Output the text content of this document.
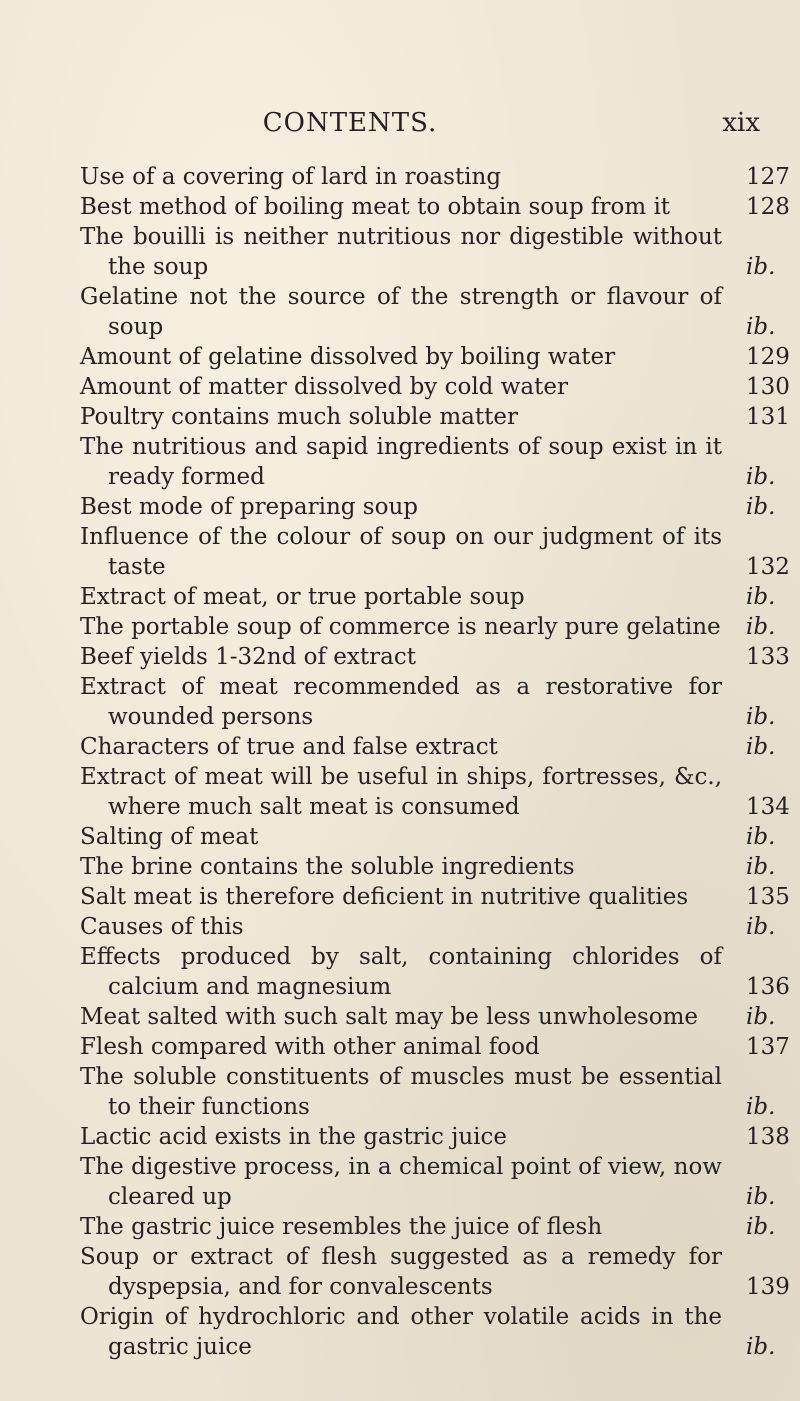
CONTENTS.	xix
Use of a covering of lard in roasting	127
Best method of boiling meat to obtain soup from it	128
The bouilli is neither nutritious nor digestible without the soup	ib.
Gelatine not the source of the strength or flavour of soup	ib.
Amount of gelatine dissolved by boiling water	129
Amount of matter dissolved by cold water	130
Poultry contains much soluble matter	131
The nutritious and sapid ingredients of soup exist in it ready formed	ib.
Best mode of preparing soup	ib.
Influence of the colour of soup on our judgment of its taste	132
Extract of meat, or true portable soup	ib.
The portable soup of commerce is nearly pure gelatine	ib.
Beef yields 1-32nd of extract	133
Extract of meat recommended as a restorative for wounded persons	ib.
Characters of true and false extract	ib.
Extract of meat will be useful in ships, fortresses, &c., where much salt meat is consumed	134
Salting of meat	ib.
The brine contains the soluble ingredients	ib.
Salt meat is therefore deficient in nutritive qualities	135
Causes of this	ib.
Effects produced by salt, containing chlorides of calcium and magnesium	136
Meat salted with such salt may be less unwholesome	ib.
Flesh compared with other animal food	137
The soluble constituents of muscles must be essential to their functions	ib.
Lactic acid exists in the gastric juice	138
The digestive process, in a chemical point of view, now cleared up	ib.
The gastric juice resembles the juice of flesh	ib.
Soup or extract of flesh suggested as a remedy for dyspepsia, and for convalescents	139
Origin of hydrochloric and other volatile acids in the gastric juice	ib.
